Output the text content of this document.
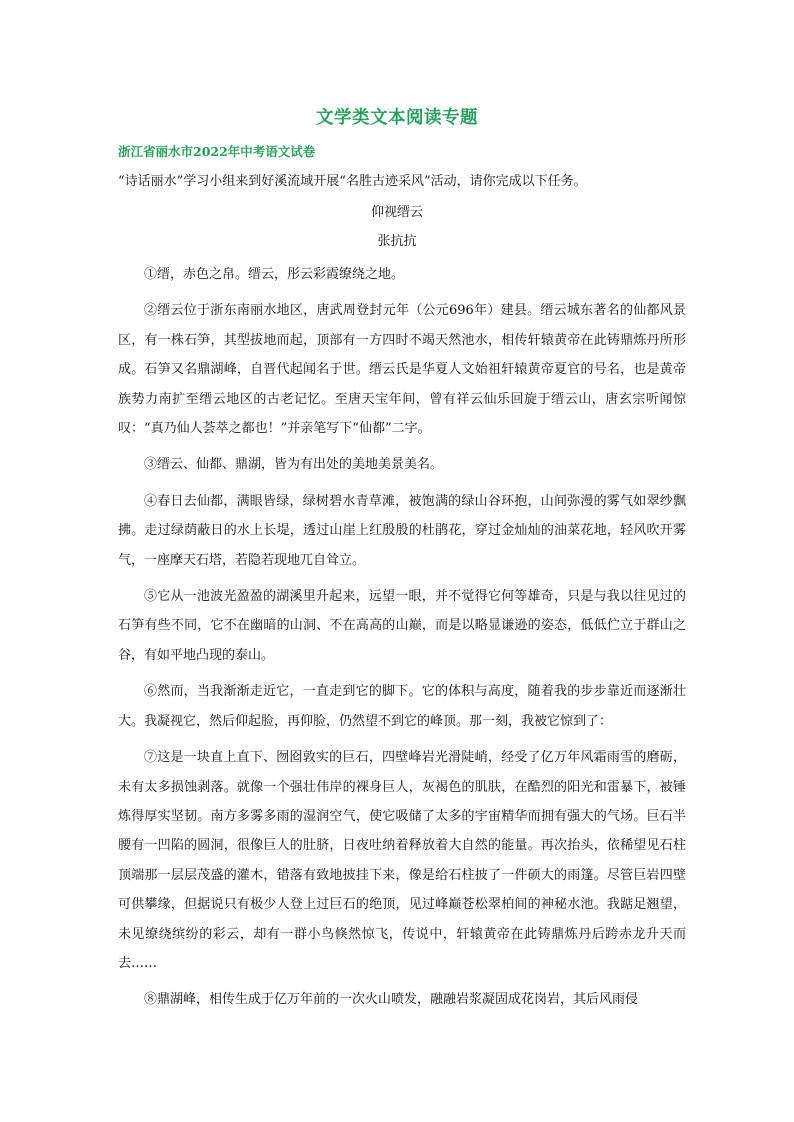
文学类文本阅读专题
浙江省丽水市2022年中考语文试卷
“诗话丽水”学习小组来到好溪流域开展“名胜古迹采风”活动，请你完成以下任务。
仰视缙云
张抗抗

①缙，赤色之帛。缙云，彤云彩霞缭绕之地。

②缙云位于浙东南丽水地区，唐武周登封元年（公元696年）建县。缙云城东著名的仙都风景区，有一株石笋，其型拔地而起，顶部有一方四时不竭天然池水，相传轩辕黄帝在此铸鼎炼丹所形成。石笋又名鼎湖峰，自晋代起闻名于世。缙云氏是华夏人文始祖轩辕黄帝夏官的号名，也是黄帝族势力南扩至缙云地区的古老记忆。至唐天宝年间，曾有祥云仙乐回旋于缙云山，唐玄宗听闻惊叹：“真乃仙人荟萃之都也！”并亲笔写下“仙都”二字。

③缙云、仙都、鼎湖，皆为有出处的美地美景美名。

④春日去仙都，满眼皆绿，绿树碧水青草滩，被饱满的绿山谷环抱，山间弥漫的雾气如翠纱飘拂。走过绿荫蔽日的水上长堤，透过山崖上红殷殷的杜鹃花，穿过金灿灿的油菜花地，轻风吹开雾气，一座摩天石塔，若隐若现地兀自耸立。

⑤它从一池波光盈盈的湖溪里升起来，远望一眼，并不觉得它何等雄奇，只是与我以往见过的石笋有些不同，它不在幽暗的山洞、不在高高的山巅，而是以略显谦逊的姿态，低低伫立于群山之谷，有如平地凸现的泰山。

⑥然而，当我渐渐走近它，一直走到它的脚下。它的体积与高度，随着我的步步靠近而逐渐壮大。我凝视它，然后仰起脸，再仰脸，仍然望不到它的峰顶。那一刻，我被它惊到了：

⑦这是一块直上直下、囫囵敦实的巨石，四壁峰岩光滑陡峭，经受了亿万年风霜雨雪的磨砺，未有太多损蚀剥落。就像一个强壮伟岸的裸身巨人，灰褐色的肌肤，在酷烈的阳光和雷暴下，被锤炼得厚实坚韧。南方多雾多雨的湿润空气，使它吸储了太多的宇宙精华而拥有强大的气场。巨石半腰有一凹陷的圆洞，很像巨人的肚脐，日夜吐纳着释放着大自然的能量。再次抬头，依稀望见石柱顶端那一层层茂盛的灌木，错落有致地披挂下来，像是给石柱披了一件硕大的雨篷。尽管巨岩四壁可供攀缘，但据说只有极少人登上过巨石的绝顶，见过峰巅苍松翠柏间的神秘水池。我踮足翘望，未见缭绕缤纷的彩云，却有一群小鸟倏然惊飞，传说中，轩辕黄帝在此铸鼎炼丹后跨赤龙升天而去……

⑧鼎湖峰，相传生成于亿万年前的一次火山喷发，融融岩浆凝固成花岗岩，其后风雨侵
